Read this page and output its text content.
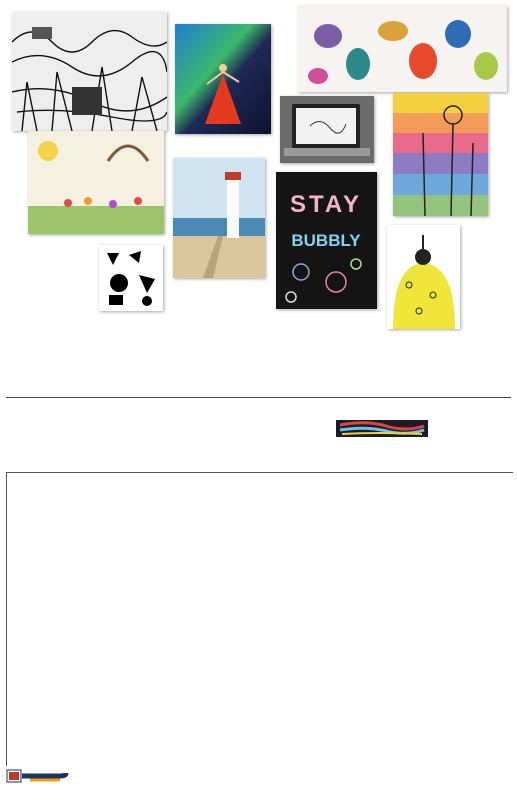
STAY
BUBBLY
